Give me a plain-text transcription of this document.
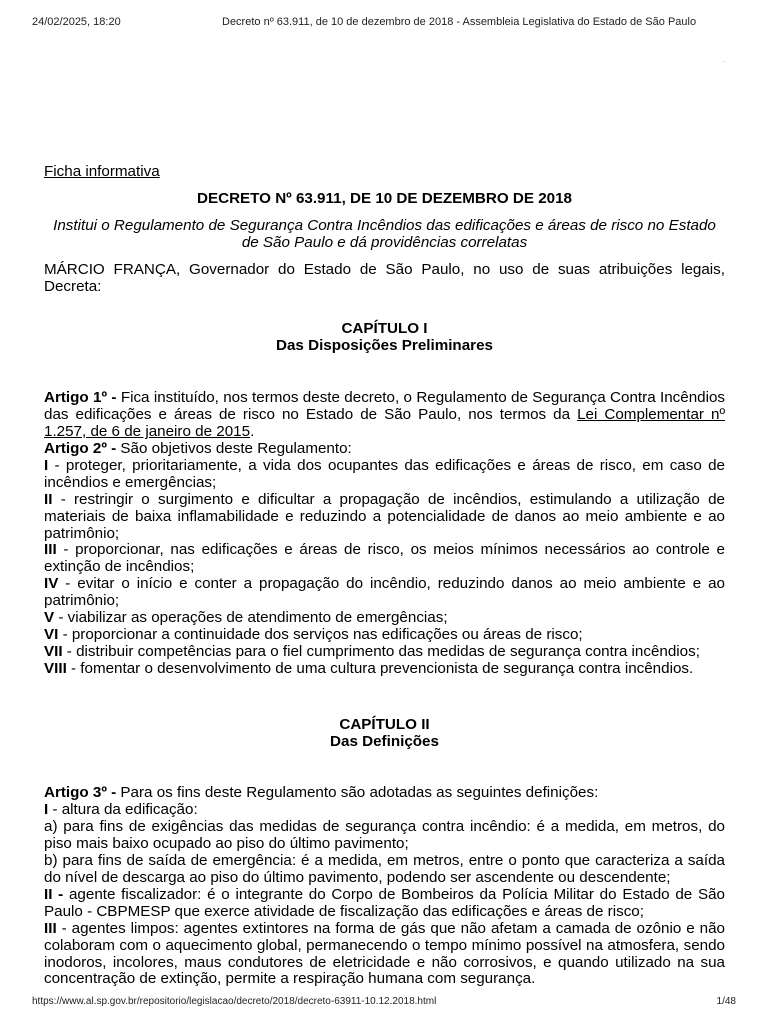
24/02/2025, 18:20	Decreto nº 63.911, de 10 de dezembro de 2018 - Assembleia Legislativa do Estado de São Paulo
·

Ficha informativa

DECRETO Nº 63.911, DE 10 DE DEZEMBRO DE 2018

Institui o Regulamento de Segurança Contra Incêndios das edificações e áreas de risco no Estado de São Paulo e dá providências correlatas

MÁRCIO FRANÇA, Governador do Estado de São Paulo, no uso de suas atribuições legais, Decreta:

CAPÍTULO I
Das Disposições Preliminares

Artigo 1º - Fica instituído, nos termos deste decreto, o Regulamento de Segurança Contra Incêndios das edificações e áreas de risco no Estado de São Paulo, nos termos da Lei Complementar nº 1.257, de 6 de janeiro de 2015.

Artigo 2º - São objetivos deste Regulamento:

I - proteger, prioritariamente, a vida dos ocupantes das edificações e áreas de risco, em caso de incêndios e emergências;

II - restringir o surgimento e dificultar a propagação de incêndios, estimulando a utilização de materiais de baixa inflamabilidade e reduzindo a potencialidade de danos ao meio ambiente e ao patrimônio;

III - proporcionar, nas edificações e áreas de risco, os meios mínimos necessários ao controle e extinção de incêndios;

IV - evitar o início e conter a propagação do incêndio, reduzindo danos ao meio ambiente e ao patrimônio;

V - viabilizar as operações de atendimento de emergências;

VI - proporcionar a continuidade dos serviços nas edificações ou áreas de risco;

VII - distribuir competências para o fiel cumprimento das medidas de segurança contra incêndios;

VIII - fomentar o desenvolvimento de uma cultura prevencionista de segurança contra incêndios.

CAPÍTULO II
Das Definições

Artigo 3º - Para os fins deste Regulamento são adotadas as seguintes definições:

I - altura da edificação:

a) para fins de exigências das medidas de segurança contra incêndio: é a medida, em metros, do piso mais baixo ocupado ao piso do último pavimento;

b) para fins de saída de emergência: é a medida, em metros, entre o ponto que caracteriza a saída do nível de descarga ao piso do último pavimento, podendo ser ascendente ou descendente;

II - agente fiscalizador: é o integrante do Corpo de Bombeiros da Polícia Militar do Estado de São Paulo - CBPMESP que exerce atividade de fiscalização das edificações e áreas de risco;

III - agentes limpos: agentes extintores na forma de gás que não afetam a camada de ozônio e não colaboram com o aquecimento global, permanecendo o tempo mínimo possível na atmosfera, sendo inodoros, incolores, maus condutores de eletricidade e não corrosivos, e quando utilizado na sua concentração de extinção, permite a respiração humana com segurança.

https://www.al.sp.gov.br/repositorio/legislacao/decreto/2018/decreto-63911-10.12.2018.html	1/48
